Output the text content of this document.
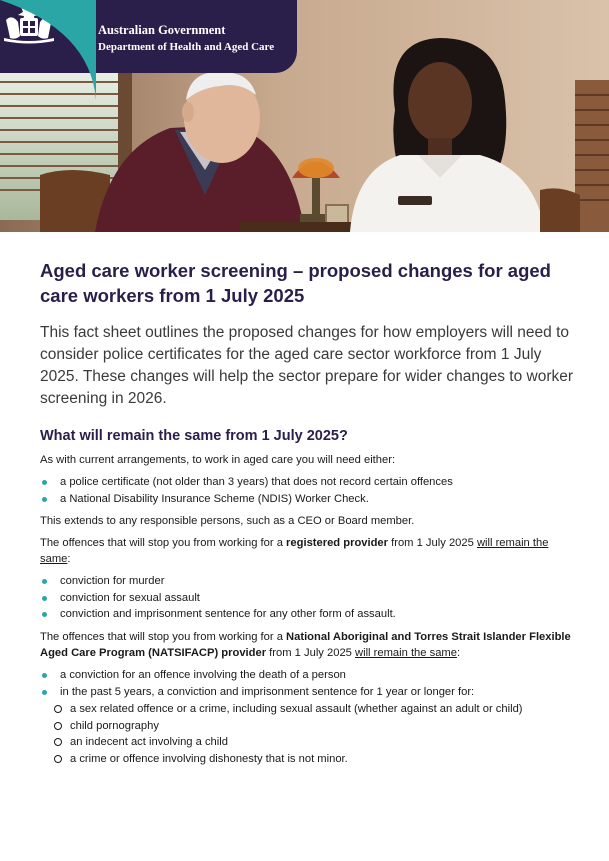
Australian Government
Department of Health and Aged Care
Aged care worker screening – proposed changes for aged care workers from 1 July 2025

This fact sheet outlines the proposed changes for how employers will need to consider police certificates for the aged care sector workforce from 1 July 2025. These changes will help the sector prepare for wider changes to worker screening in 2026.

What will remain the same from 1 July 2025?

As with current arrangements, to work in aged care you will need either:

a police certificate (not older than 3 years) that does not record certain offences
a National Disability Insurance Scheme (NDIS) Worker Check.

This extends to any responsible persons, such as a CEO or Board member.

The offences that will stop you from working for a registered provider from 1 July 2025 will remain the same:

conviction for murder
conviction for sexual assault
conviction and imprisonment sentence for any other form of assault.

The offences that will stop you from working for a National Aboriginal and Torres Strait Islander Flexible Aged Care Program (NATSIFACP) provider from 1 July 2025 will remain the same:

a conviction for an offence involving the death of a person
in the past 5 years, a conviction and imprisonment sentence for 1 year or longer for:
a sex related offence or a crime, including sexual assault (whether against an adult or child)
child pornography
an indecent act involving a child
a crime or offence involving dishonesty that is not minor.
